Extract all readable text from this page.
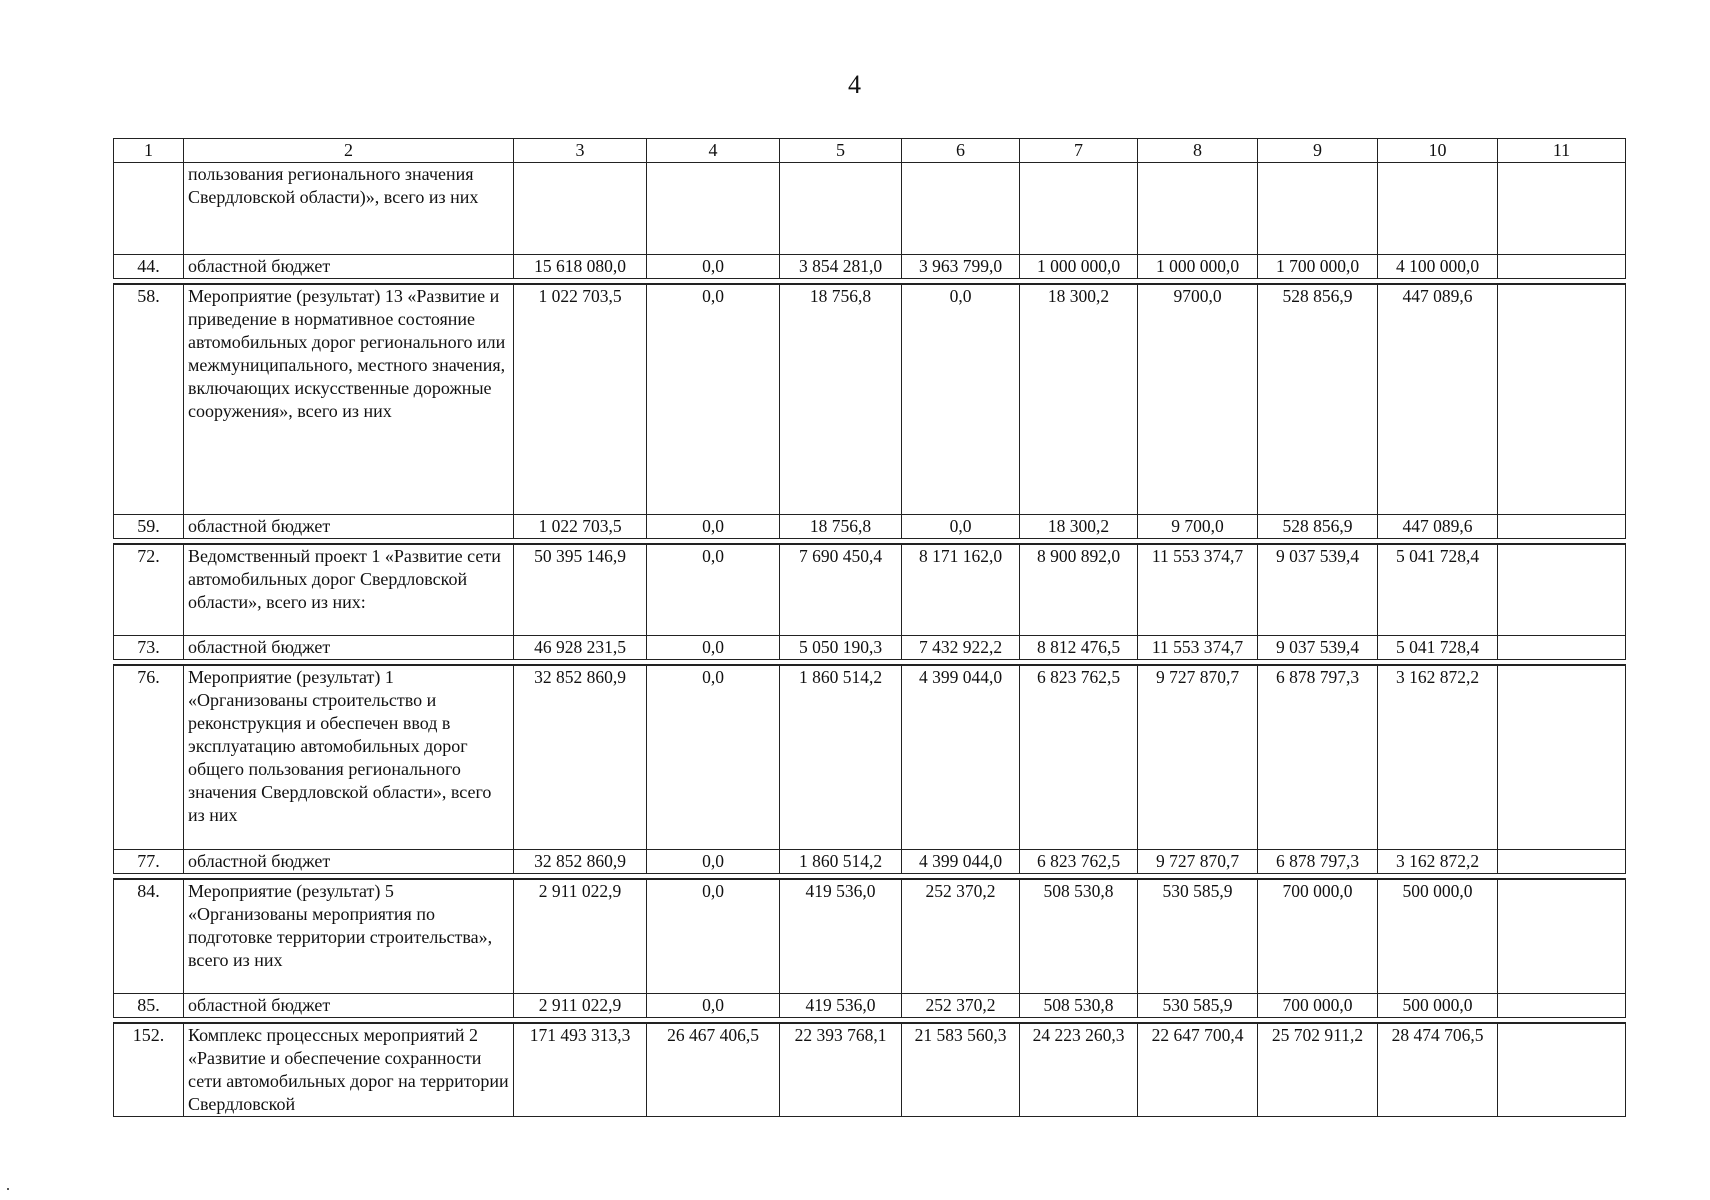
4
1	2	3	4	5	6	7	8	9	10	11
	пользования регионального значения Свердловской области)», всего из них									
44.	областной бюджет	15 618 080,0	0,0	3 854 281,0	3 963 799,0	1 000 000,0	1 000 000,0	1 700 000,0	4 100 000,0	

58.	Мероприятие (результат) 13 «Развитие и приведение в нормативное состояние автомобильных дорог регионального или межмуниципального, местного значения, включающих искусственные дорожные сооружения», всего из них	1 022 703,5	0,0	18 756,8	0,0	18 300,2	9700,0	528 856,9	447 089,6	
59.	областной бюджет	1 022 703,5	0,0	18 756,8	0,0	18 300,2	9 700,0	528 856,9	447 089,6	

72.	Ведомственный проект 1 «Развитие сети автомобильных дорог Свердловской области», всего из них:	50 395 146,9	0,0	7 690 450,4	8 171 162,0	8 900 892,0	11 553 374,7	9 037 539,4	5 041 728,4	
73.	областной бюджет	46 928 231,5	0,0	5 050 190,3	7 432 922,2	8 812 476,5	11 553 374,7	9 037 539,4	5 041 728,4	

76.	Мероприятие (результат) 1 «Организованы строительство и реконструкция и обеспечен ввод в эксплуатацию автомобильных дорог общего пользования регионального значения Свердловской области», всего из них	32 852 860,9	0,0	1 860 514,2	4 399 044,0	6 823 762,5	9 727 870,7	6 878 797,3	3 162 872,2	
77.	областной бюджет	32 852 860,9	0,0	1 860 514,2	4 399 044,0	6 823 762,5	9 727 870,7	6 878 797,3	3 162 872,2	

84.	Мероприятие (результат) 5 «Организованы мероприятия по подготовке территории строительства», всего из них	2 911 022,9	0,0	419 536,0	252 370,2	508 530,8	530 585,9	700 000,0	500 000,0	
85.	областной бюджет	2 911 022,9	0,0	419 536,0	252 370,2	508 530,8	530 585,9	700 000,0	500 000,0	

152.	Комплекс процессных мероприятий 2 «Развитие и обеспечение сохранности сети автомобильных дорог на территории Свердловской	171 493 313,3	26 467 406,5	22 393 768,1	21 583 560,3	24 223 260,3	22 647 700,4	25 702 911,2	28 474 706,5	
